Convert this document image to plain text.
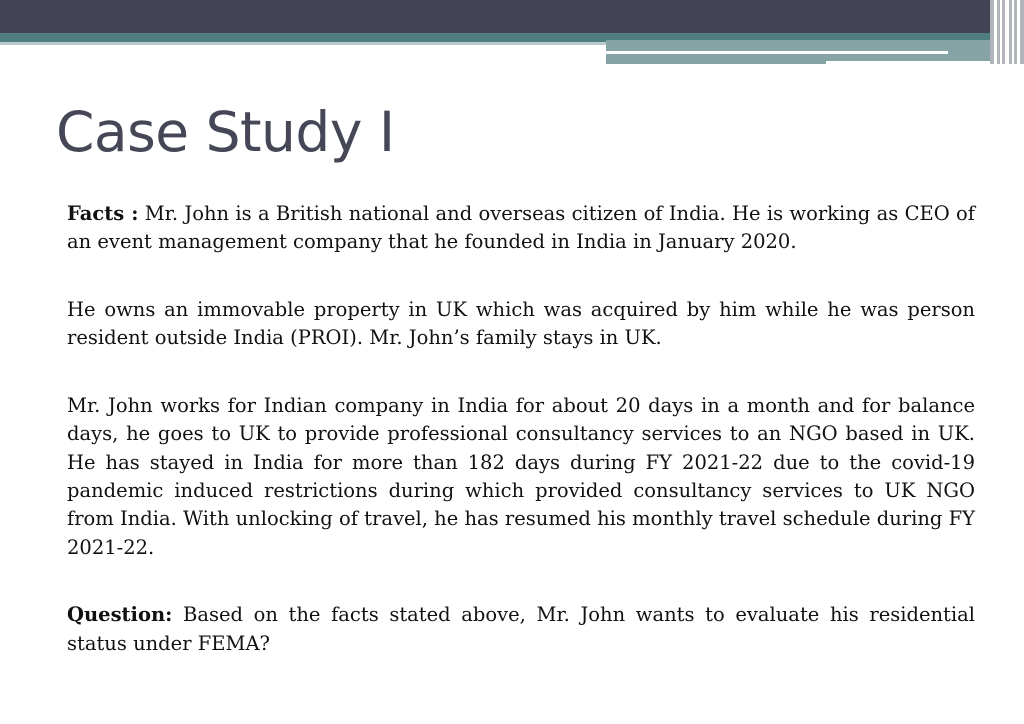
Case Study I

Facts : Mr. John is a British national and overseas citizen of India. He is working as CEO of an event management company that he founded in India in January 2020.

He owns an immovable property in UK which was acquired by him while he was person resident outside India (PROI). Mr. John’s family stays in UK.

Mr. John works for Indian company in India for about 20 days in a month and for balance days, he goes to UK to provide professional consultancy services to an NGO based in UK. He has stayed in India for more than 182 days during FY 2021-22 due to the covid-19 pandemic induced restrictions during which provided consultancy services to UK NGO from India. With unlocking of travel, he has resumed his monthly travel schedule during FY 2021-22.

Question: Based on the facts stated above, Mr. John wants to evaluate his residential status under FEMA?
